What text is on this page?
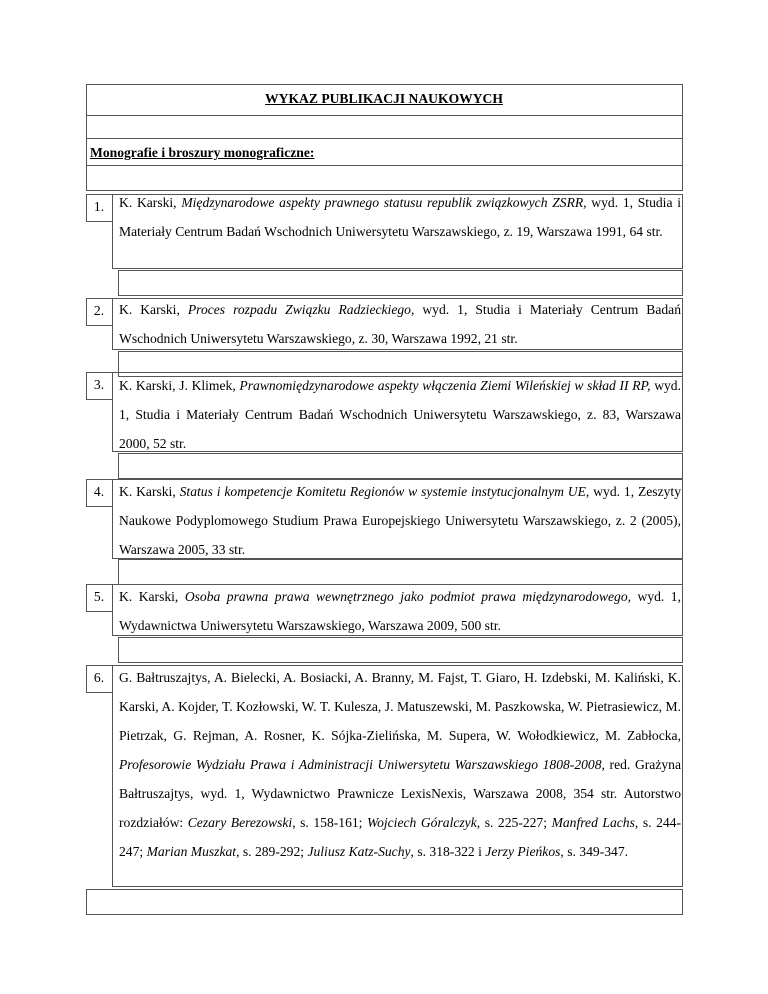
WYKAZ PUBLIKACJI NAUKOWYCH
Monografie i broszury monograficzne:
1.	K. Karski, Międzynarodowe aspekty prawnego statusu republik związkowych ZSRR, wyd. 1, Studia i Materiały Centrum Badań Wschodnich Uniwersytetu Warszawskiego, z. 19, Warszawa 1991, 64 str.
2.	K. Karski, Proces rozpadu Związku Radzieckiego, wyd. 1, Studia i Materiały Centrum Badań Wschodnich Uniwersytetu Warszawskiego, z. 30, Warszawa 1992, 21 str.
3.	K. Karski, J. Klimek, Prawnomiędzynarodowe aspekty włączenia Ziemi Wileńskiej w skład II RP, wyd. 1, Studia i Materiały Centrum Badań Wschodnich Uniwersytetu Warszawskiego, z. 83, Warszawa 2000, 52 str.
4.	K. Karski, Status i kompetencje Komitetu Regionów w systemie instytucjonalnym UE, wyd. 1, Zeszyty Naukowe Podyplomowego Studium Prawa Europejskiego Uniwersytetu Warszawskiego, z. 2 (2005), Warszawa 2005, 33 str.
5.	K. Karski, Osoba prawna prawa wewnętrznego jako podmiot prawa międzynarodowego, wyd. 1, Wydawnictwa Uniwersytetu Warszawskiego, Warszawa 2009, 500 str.
6.	G. Bałtruszajtys, A. Bielecki, A. Bosiacki, A. Branny, M. Fajst, T. Giaro, H. Izdebski, M. Kaliński, K. Karski, A. Kojder, T. Kozłowski, W. T. Kulesza, J. Matuszewski, M. Paszkowska, W. Pietrasiewicz, M. Pietrzak, G. Rejman, A. Rosner, K. Sójka-Zielińska, M. Supera, W. Wołodkiewicz, M. Zabłocka, Profesorowie Wydziału Prawa i Administracji Uniwersytetu Warszawskiego 1808-2008, red. Grażyna Bałtruszajtys, wyd. 1, Wydawnictwo Prawnicze LexisNexis, Warszawa 2008, 354 str. Autorstwo rozdziałów: Cezary Berezowski, s. 158-161; Wojciech Góralczyk, s. 225-227; Manfred Lachs, s. 244-247; Marian Muszkat, s. 289-292; Juliusz Katz-Suchy, s. 318-322 i Jerzy Pieńkos, s. 349-347.
